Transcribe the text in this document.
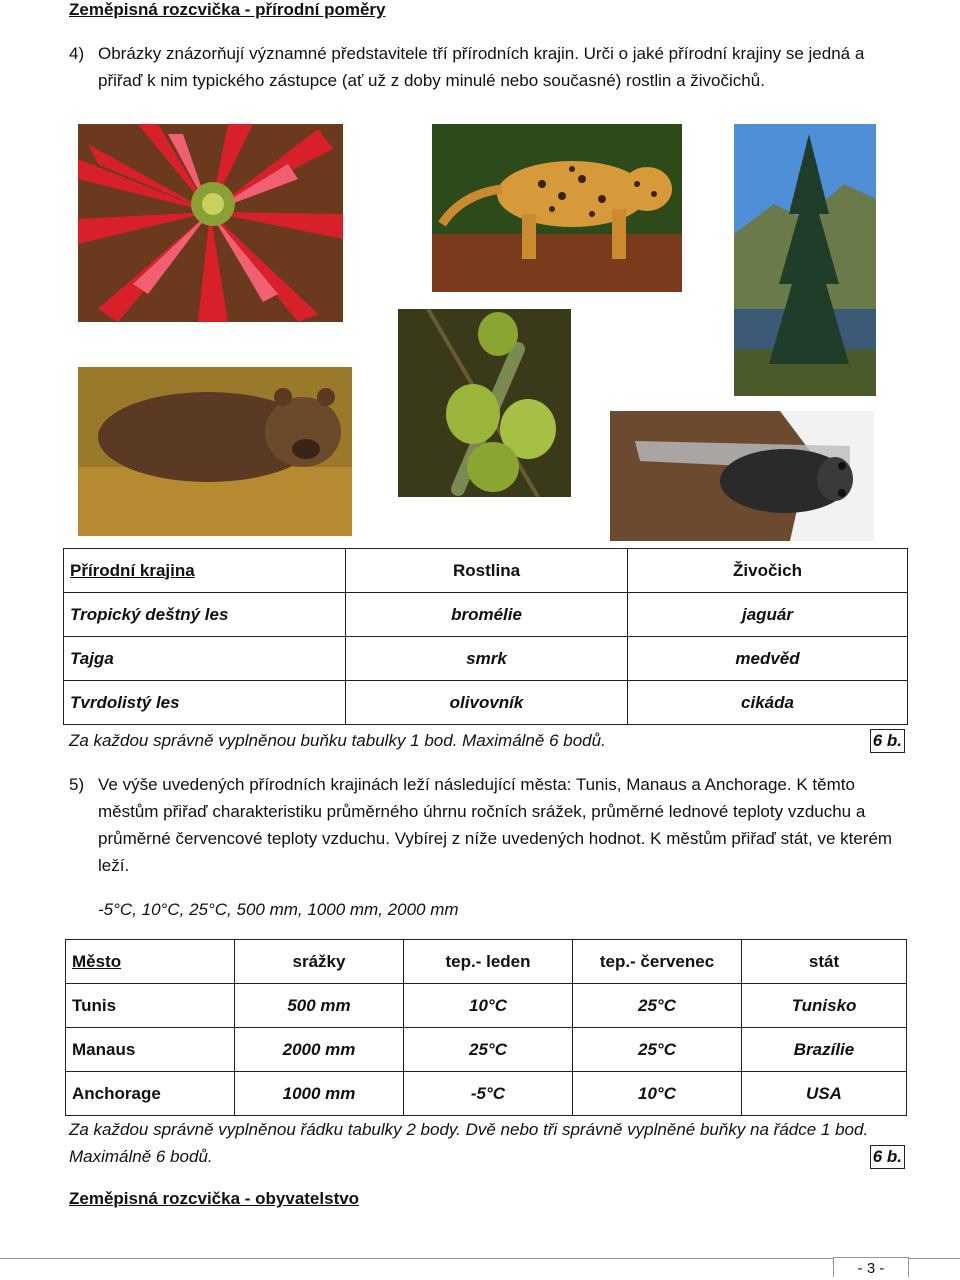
Zeměpisná rozcvička - přírodní poměry
4) Obrázky znázorňují významné představitele tří přírodních krajin. Urči o jaké přírodní krajiny se jedná a přiřaď k nim typického zástupce (ať už z doby minulé nebo současné) rostlin a živočichů.
Přírodní krajina	Rostlina	Živočich
Tropický deštný les	bromélie	jaguár
Tajga	smrk	medvěd
Tvrdolistý les	olivovník	cikáda
Za každou správně vyplněnou buňku tabulky 1 bod. Maximálně 6 bodů.	6 b.
5) Ve výše uvedených přírodních krajinách leží následující města: Tunis, Manaus a Anchorage. K těmto městům přiřaď charakteristiku průměrného úhrnu ročních srážek, průměrné lednové teploty vzduchu a průměrné červencové teploty vzduchu. Vybírej z níže uvedených hodnot. K městům přiřaď stát, ve kterém leží.
-5°C, 10°C, 25°C, 500 mm, 1000 mm, 2000 mm
Město	srážky	tep.- leden	tep.- červenec	stát
Tunis	500 mm	10°C	25°C	Tunisko
Manaus	2000 mm	25°C	25°C	Brazílie
Anchorage	1000 mm	-5°C	10°C	USA
Za každou správně vyplněnou řádku tabulky 2 body. Dvě nebo tři správně vyplněné buňky na řádce 1 bod.
Maximálně 6 bodů.	6 b.
Zeměpisná rozcvička - obyvatelstvo
- 3 -
